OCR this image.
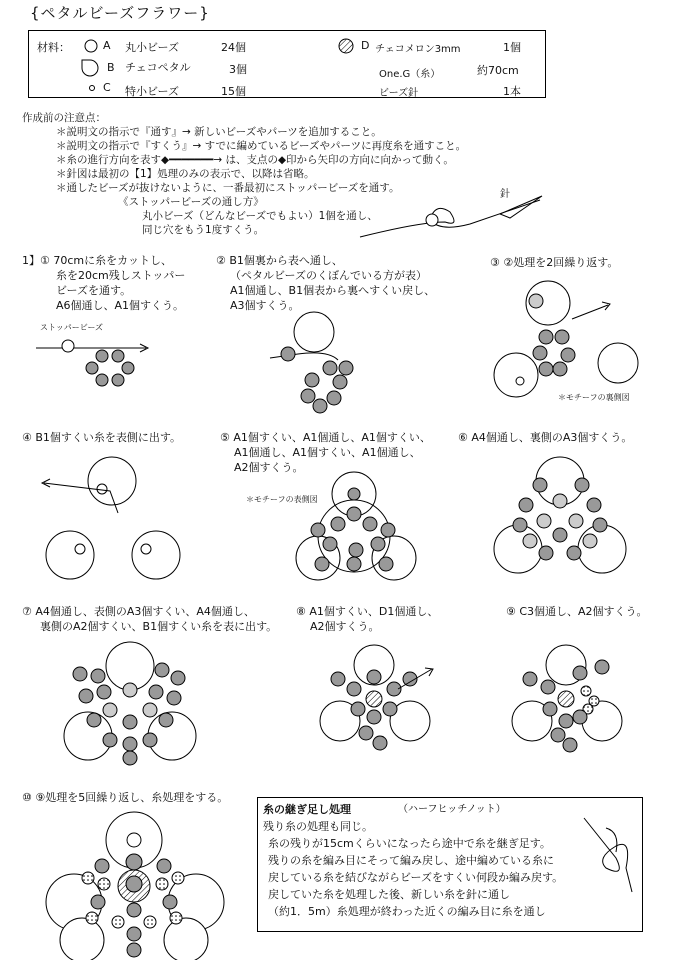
{ペタルビーズフラワー}
材料：	A 丸小ビーズ	24個
B チェコペタル	3個
C 特小ビーズ	15個
D チェコメロン3mm	1個
One.G（糸）	約70cm
ビーズ針	1本
作成前の注意点：
＊説明文の指示で『通す』→ 新しいビーズやパーツを追加すること。
＊説明文の指示で『すくう』→ すでに編めているビーズやパーツに再度糸を通すこと。
＊糸の進行方向を表す◆━━━━━━━→ は、支点の◆印から矢印の方向に向かって動く。
＊針図は最初の【1】処理のみの表示で、以降は省略。
＊通したビーズが抜けないように、一番最初にストッパービーズを通す。
《ストッパービーズの通し方》
丸小ビーズ（どんなビーズでもよい）1個を通し、
同じ穴をもう1度すくう。
針
1】① 70cmに糸をカットし、
糸を20cm残しストッパー
ビーズを通す。
A6個通し、A1個すくう。
ストッパービーズ
② B1個裏から表へ通し、
（ペタルビーズのくぼんでいる方が表）
A1個通し、B1個表から裏へすくい戻し、
A3個すくう。
③ ②処理を2回繰り返す。
＊モチーフの裏側図
④ B1個すくい糸を表側に出す。	⑤ A1個すくい、A1個通し、A1個すくい、
A1個通し、A1個すくい、A1個通し、
A2個すくう。
＊モチーフの表側図
⑥ A4個通し、裏側のA3個すくう。
⑦ A4個通し、表側のA3個すくい、A4個通し、
裏側のA2個すくい、B1個すくい糸を表に出す。
⑧ A1個すくい、D1個通し、
A2個すくう。
⑨ C3個通し、A2個すくう。
⑩ ⑨処理を5回繰り返し、糸処理をする。
糸の継ぎ足し処理	（ハーフヒッチノット）
残り糸の処理も同じ。
糸の残りが15cmくらいになったら途中で糸を継ぎ足す。
残りの糸を編み目にそって編み戻し、途中編めている糸に
戻している糸を結びながらビーズをすくい何段か編み戻す。
戻していた糸を処理した後、新しい糸を針に通し
（約1．5m）糸処理が終わった近くの編み目に糸を通し
